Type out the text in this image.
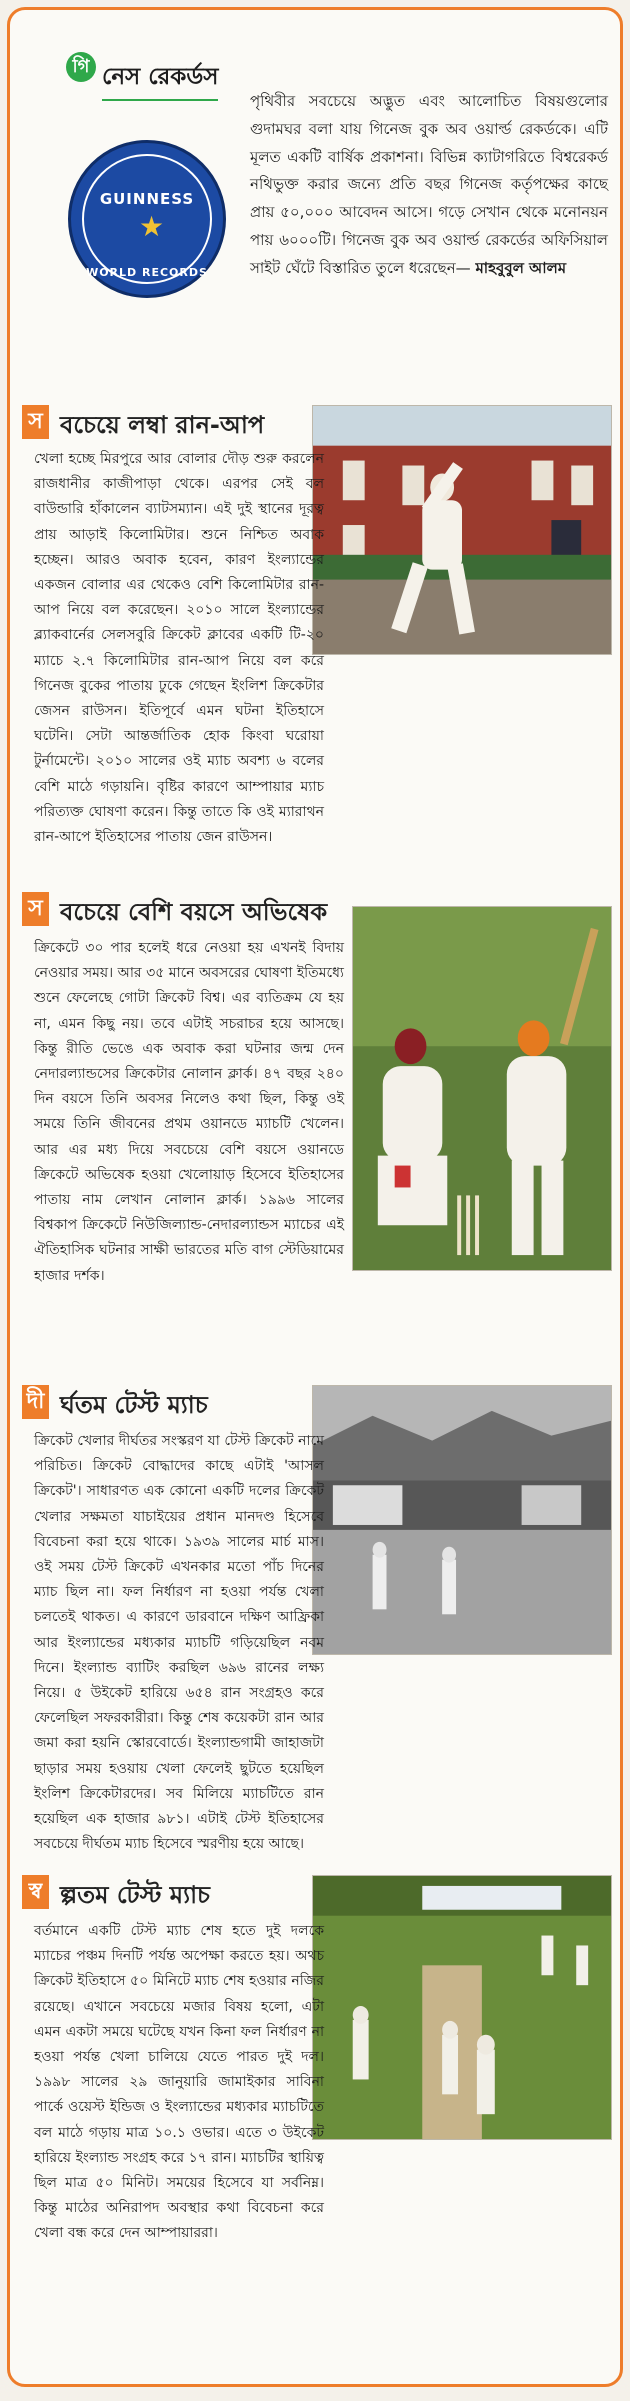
গি নেস রেকর্ডস
GUINNESS
★
WORLD RECORDS

পৃথিবীর সবচেয়ে অদ্ভুত এবং আলোচিত বিষয়গুলোর গুদামঘর বলা যায় গিনেজ বুক অব ওয়ার্ল্ড রেকর্ডকে। এটি মূলত একটি বার্ষিক প্রকাশনা। বিভিন্ন ক্যাটাগরিতে বিশ্বরেকর্ড নথিভুক্ত করার জন্যে প্রতি বছর গিনেজ কর্তৃপক্ষের কাছে প্রায় ৫০,০০০ আবেদন আসে। গড়ে সেখান থেকে মনোনয়ন পায় ৬০০০টি। গিনেজ বুক অব ওয়ার্ল্ড রেকর্ডের অফিসিয়াল সাইট ঘেঁটে বিস্তারিত তুলে ধরেছেন— মাহবুবুল আলম

স বচেয়ে লম্বা রান-আপ

খেলা হচ্ছে মিরপুরে আর বোলার দৌড় শুরু করলেন রাজধানীর কাজীপাড়া থেকে। এরপর সেই বল বাউন্ডারি হাঁকালেন ব্যাটসম্যান। এই দুই স্থানের দূরত্ব প্রায় আড়াই কিলোমিটার। শুনে নিশ্চিত অবাক হচ্ছেন। আরও অবাক হবেন, কারণ ইংল্যান্ডের একজন বোলার এর থেকেও বেশি কিলোমিটার রান-আপ নিয়ে বল করেছেন। ২০১০ সালে ইংল্যান্ডের ব্ল্যাকবার্নের সেলসবুরি ক্রিকেট ক্লাবের একটি টি-২০ ম্যাচে ২.৭ কিলোমিটার রান-আপ নিয়ে বল করে গিনেজ বুকের পাতায় ঢুকে গেছেন ইংলিশ ক্রিকেটার জেসন রাউসন। ইতিপূর্বে এমন ঘটনা ইতিহাসে ঘটেনি। সেটা আন্তর্জাতিক হোক কিংবা ঘরোয়া টুর্নামেন্টে। ২০১০ সালের ওই ম্যাচ অবশ্য ৬ বলের বেশি মাঠে গড়ায়নি। বৃষ্টির কারণে আম্পায়ার ম্যাচ পরিত্যক্ত ঘোষণা করেন। কিন্তু তাতে কি ওই ম্যারাথন রান-আপে ইতিহাসের পাতায় জেন রাউসন।

স বচেয়ে বেশি বয়সে অভিষেক

ক্রিকেটে ৩০ পার হলেই ধরে নেওয়া হয় এখনই বিদায় নেওয়ার সময়। আর ৩৫ মানে অবসরের ঘোষণা ইতিমধ্যে শুনে ফেলেছে গোটা ক্রিকেট বিশ্ব। এর ব্যতিক্রম যে হয় না, এমন কিছু নয়। তবে এটাই সচরাচর হয়ে আসছে। কিন্তু রীতি ভেঙে এক অবাক করা ঘটনার জন্ম দেন নেদারল্যান্ডসের ক্রিকেটার নোলান ক্লার্ক। ৪৭ বছর ২৪০ দিন বয়সে তিনি অবসর নিলেও কথা ছিল, কিন্তু ওই সময়ে তিনি জীবনের প্রথম ওয়ানডে ম্যাচটি খেলেন। আর এর মধ্য দিয়ে সবচেয়ে বেশি বয়সে ওয়ানডে ক্রিকেটে অভিষেক হওয়া খেলোয়াড় হিসেবে ইতিহাসের পাতায় নাম লেখান নোলান ক্লার্ক। ১৯৯৬ সালের বিশ্বকাপ ক্রিকেটে নিউজিল্যান্ড-নেদারল্যান্ডস ম্যাচের এই ঐতিহাসিক ঘটনার সাক্ষী ভারতের মতি বাগ স্টেডিয়ামের হাজার দর্শক।

দী র্ঘতম টেস্ট ম্যাচ

ক্রিকেট খেলার দীর্ঘতর সংস্করণ যা টেস্ট ক্রিকেট নামে পরিচিত। ক্রিকেট বোদ্ধাদের কাছে এটাই 'আসল ক্রিকেট'। সাধারণত এক কোনো একটি দলের ক্রিকেট খেলার সক্ষমতা যাচাইয়ের প্রধান মানদণ্ড হিসেবে বিবেচনা করা হয়ে থাকে। ১৯৩৯ সালের মার্চ মাস। ওই সময় টেস্ট ক্রিকেট এখনকার মতো পাঁচ দিনের ম্যাচ ছিল না। ফল নির্ধারণ না হওয়া পর্যন্ত খেলা চলতেই থাকত। এ কারণে ডারবানে দক্ষিণ আফ্রিকা আর ইংল্যান্ডের মধ্যকার ম্যাচটি গড়িয়েছিল নবম দিনে। ইংল্যান্ড ব্যাটিং করছিল ৬৯৬ রানের লক্ষ্য নিয়ে। ৫ উইকেট হারিয়ে ৬৫৪ রান সংগ্রহও করে ফেলেছিল সফরকারীরা। কিন্তু শেষ কয়েকটা রান আর জমা করা হয়নি স্কোরবোর্ডে। ইংল্যান্ডগামী জাহাজটা ছাড়ার সময় হওয়ায় খেলা ফেলেই ছুটতে হয়েছিল ইংলিশ ক্রিকেটারদের। সব মিলিয়ে ম্যাচটিতে রান হয়েছিল এক হাজার ৯৮১। এটাই টেস্ট ইতিহাসের সবচেয়ে দীর্ঘতম ম্যাচ হিসেবে স্মরণীয় হয়ে আছে।

স্ব ল্পতম টেস্ট ম্যাচ

বর্তমানে একটি টেস্ট ম্যাচ শেষ হতে দুই দলকে ম্যাচের পঞ্চম দিনটি পর্যন্ত অপেক্ষা করতে হয়। অথচ ক্রিকেট ইতিহাসে ৫০ মিনিটে ম্যাচ শেষ হওয়ার নজির রয়েছে। এখানে সবচেয়ে মজার বিষয় হলো, এটা এমন একটা সময়ে ঘটেছে যখন কিনা ফল নির্ধারণ না হওয়া পর্যন্ত খেলা চালিয়ে যেতে পারত দুই দল। ১৯৯৮ সালের ২৯ জানুয়ারি জামাইকার সাবিনা পার্কে ওয়েস্ট ইন্ডিজ ও ইংল্যান্ডের মধ্যকার ম্যাচটিতে বল মাঠে গড়ায় মাত্র ১০.১ ওভার। এতে ৩ উইকেট হারিয়ে ইংল্যান্ড সংগ্রহ করে ১৭ রান। ম্যাচটির স্থায়িত্ব ছিল মাত্র ৫০ মিনিট। সময়ের হিসেবে যা সর্বনিম্ন। কিন্তু মাঠের অনিরাপদ অবস্থার কথা বিবেচনা করে খেলা বন্ধ করে দেন আম্পায়াররা।
